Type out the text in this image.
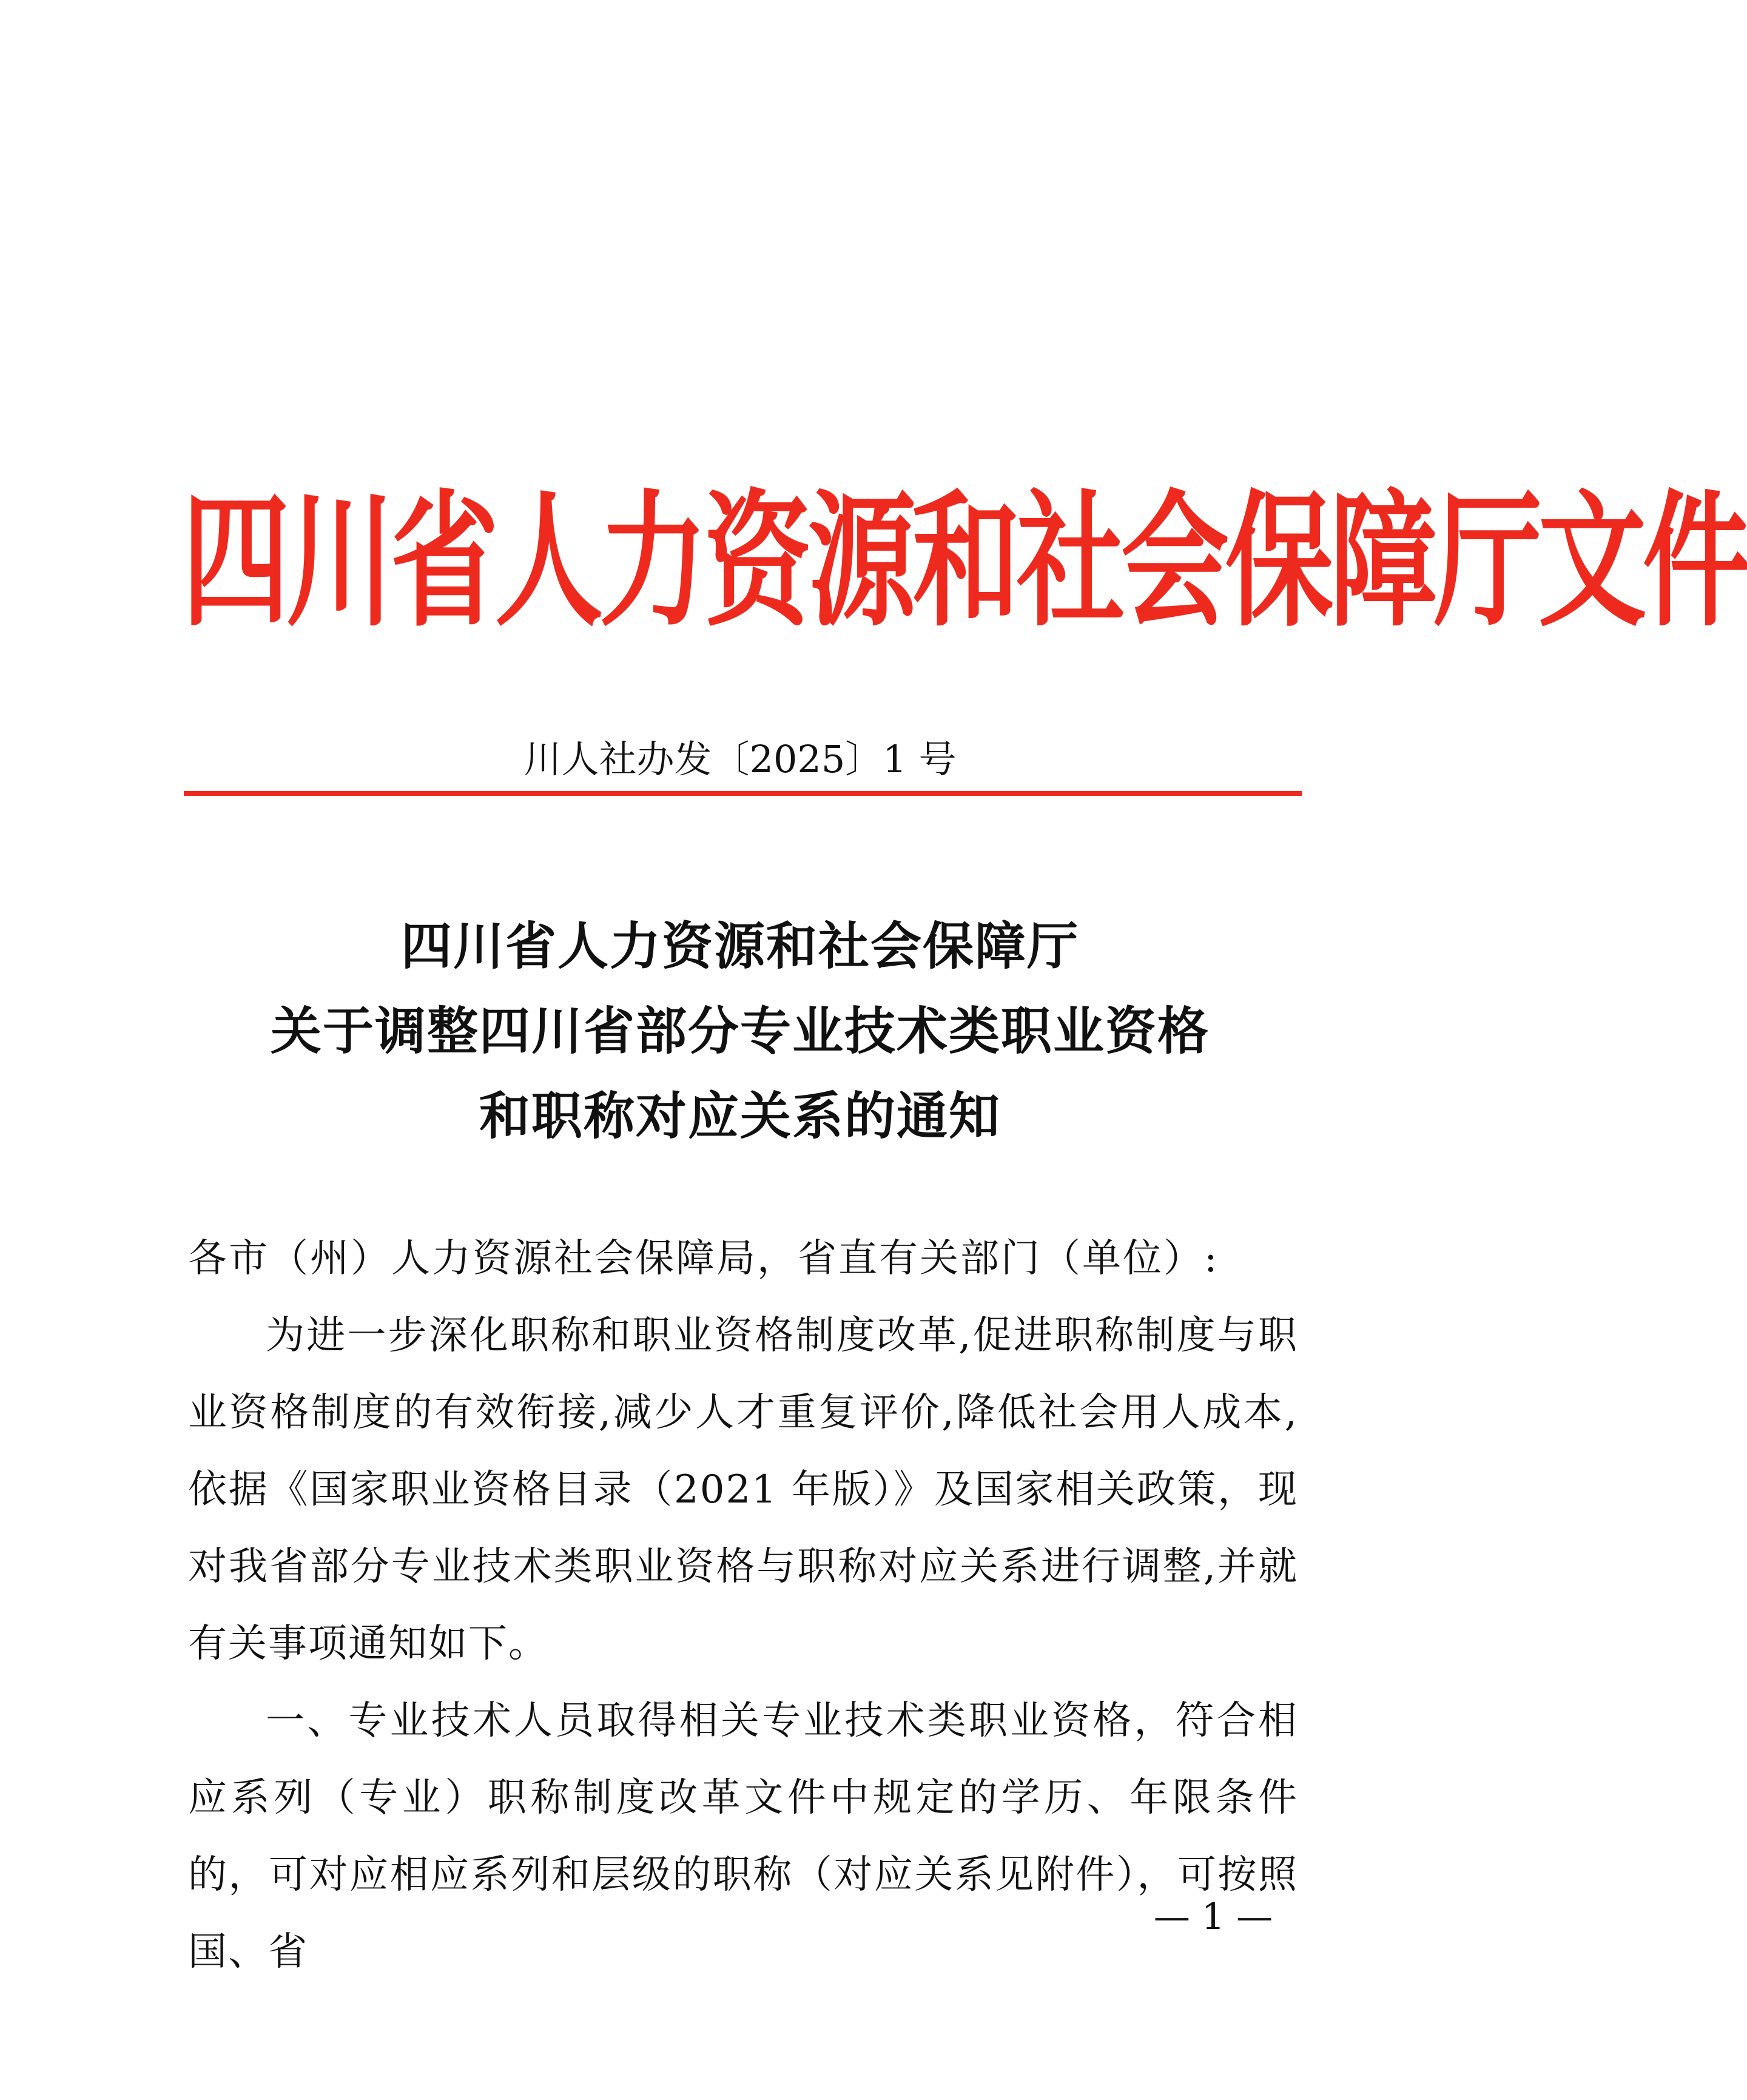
四川省人力资源和社会保障厅文件
川人社办发〔2025〕1 号
四川省人力资源和社会保障厅
关于调整四川省部分专业技术类职业资格
和职称对应关系的通知
各市（州）人力资源社会保障局，省直有关部门（单位）:
为进一步深化职称和职业资格制度改革,促进职称制度与职业资格制度的有效衔接,减少人才重复评价,降低社会用人成本,依据《国家职业资格目录（2021 年版）》及国家相关政策，现对我省部分专业技术类职业资格与职称对应关系进行调整,并就有关事项通知如下。
一、专业技术人员取得相关专业技术类职业资格，符合相应系列（专业）职称制度改革文件中规定的学历、年限条件的，可对应相应系列和层级的职称（对应关系见附件），可按照国、省
— 1 —
